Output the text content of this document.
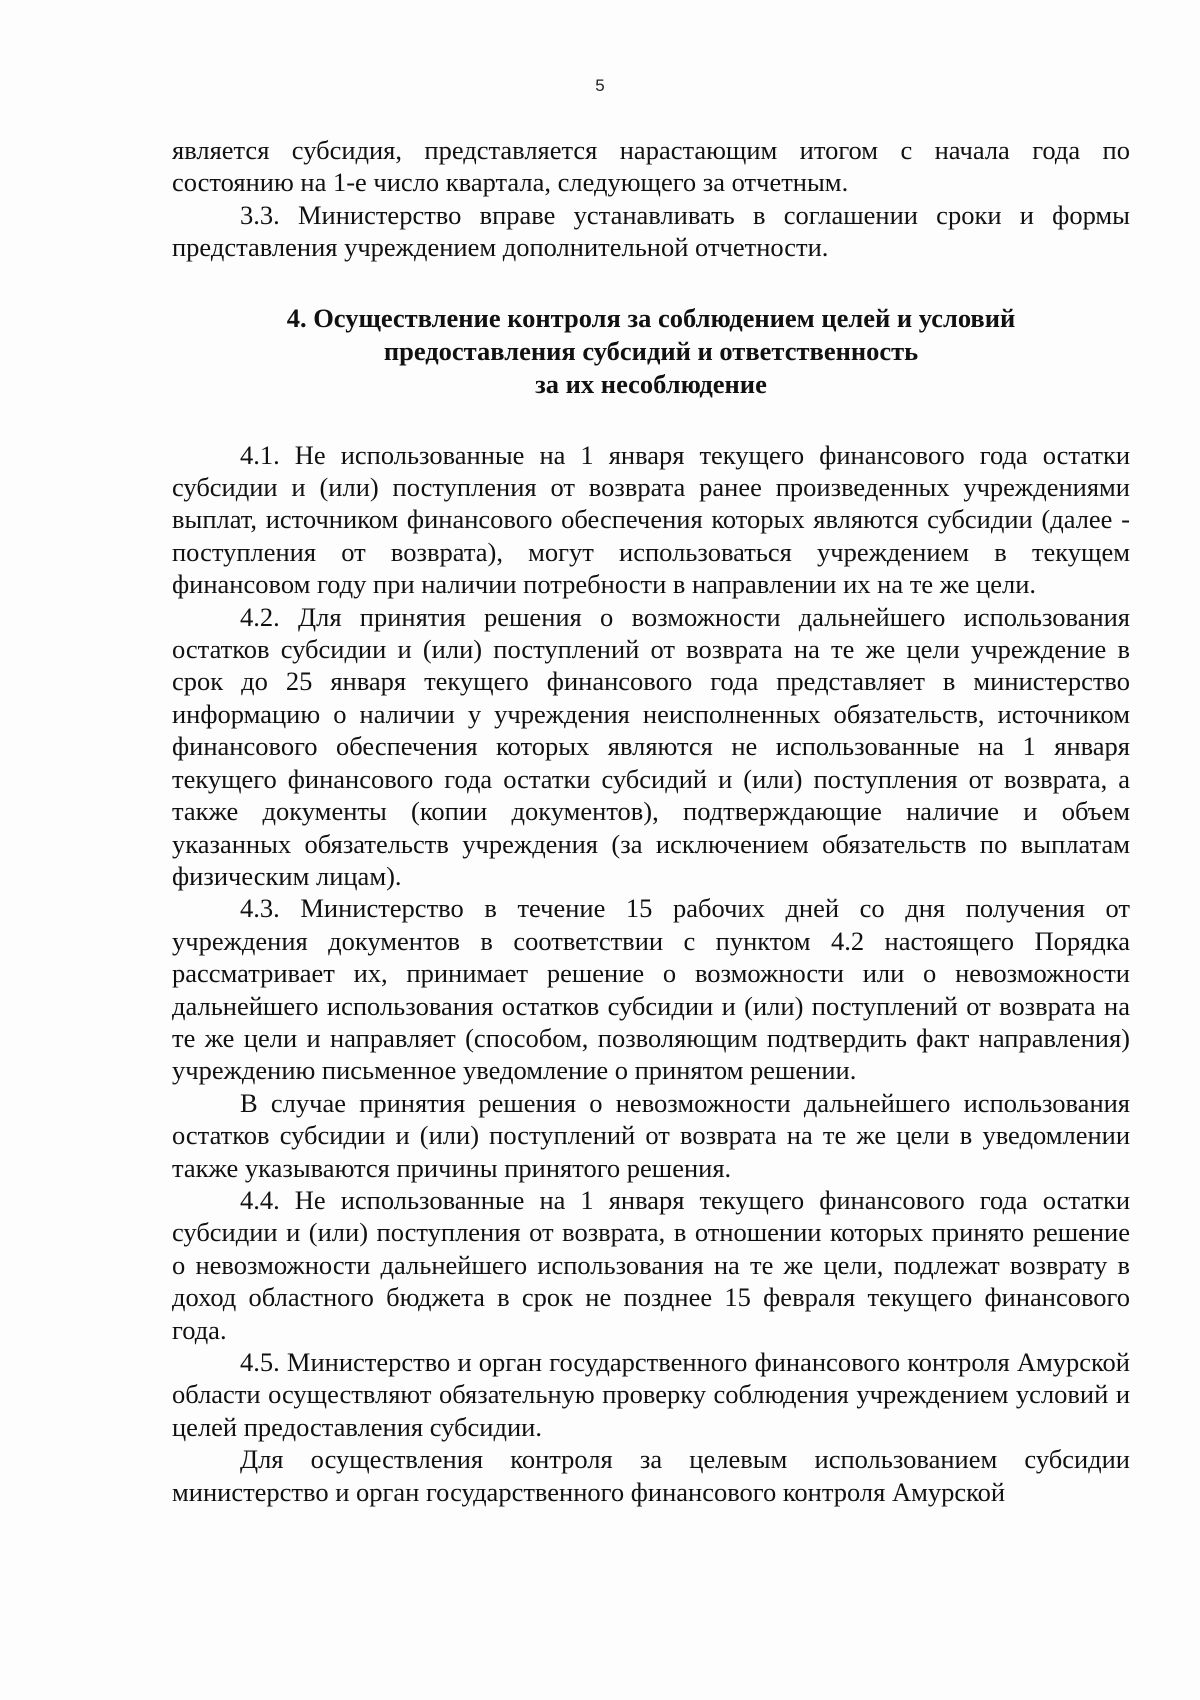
5

является субсидия, представляется нарастающим итогом с начала года по состоянию на 1-е число квартала, следующего за отчетным.

3.3. Министерство вправе устанавливать в соглашении сроки и формы представления учреждением дополнительной отчетности.

4. Осуществление контроля за соблюдением целей и условий
предоставления субсидий и ответственность
за их несоблюдение

4.1. Не использованные на 1 января текущего финансового года остатки субсидии и (или) поступления от возврата ранее произведенных учреждениями выплат, источником финансового обеспечения которых являются субсидии (далее - поступления от возврата), могут использоваться учреждением в текущем финансовом году при наличии потребности в направлении их на те же цели.

4.2. Для принятия решения о возможности дальнейшего использования остатков субсидии и (или) поступлений от возврата на те же цели учреждение в срок до 25 января текущего финансового года представляет в министерство информацию о наличии у учреждения неисполненных обязательств, источником финансового обеспечения которых являются не использованные на 1 января текущего финансового года остатки субсидий и (или) поступления от возврата, а также документы (копии документов), подтверждающие наличие и объем указанных обязательств учреждения (за исключением обязательств по выплатам физическим лицам).

4.3. Министерство в течение 15 рабочих дней со дня получения от учреждения документов в соответствии с пунктом 4.2 настоящего Порядка рассматривает их, принимает решение о возможности или о невозможности дальнейшего использования остатков субсидии и (или) поступлений от возврата на те же цели и направляет (способом, позволяющим подтвердить факт направления) учреждению письменное уведомление о принятом решении.

В случае принятия решения о невозможности дальнейшего использования остатков субсидии и (или) поступлений от возврата на те же цели в уведомлении также указываются причины принятого решения.

4.4. Не использованные на 1 января текущего финансового года остатки субсидии и (или) поступления от возврата, в отношении которых принято решение о невозможности дальнейшего использования на те же цели, подлежат возврату в доход областного бюджета в срок не позднее 15 февраля текущего финансового года.

4.5. Министерство и орган государственного финансового контроля Амурской области осуществляют обязательную проверку соблюдения учреждением условий и целей предоставления субсидии.

Для осуществления контроля за целевым использованием субсидии министерство и орган государственного финансового контроля Амурской
